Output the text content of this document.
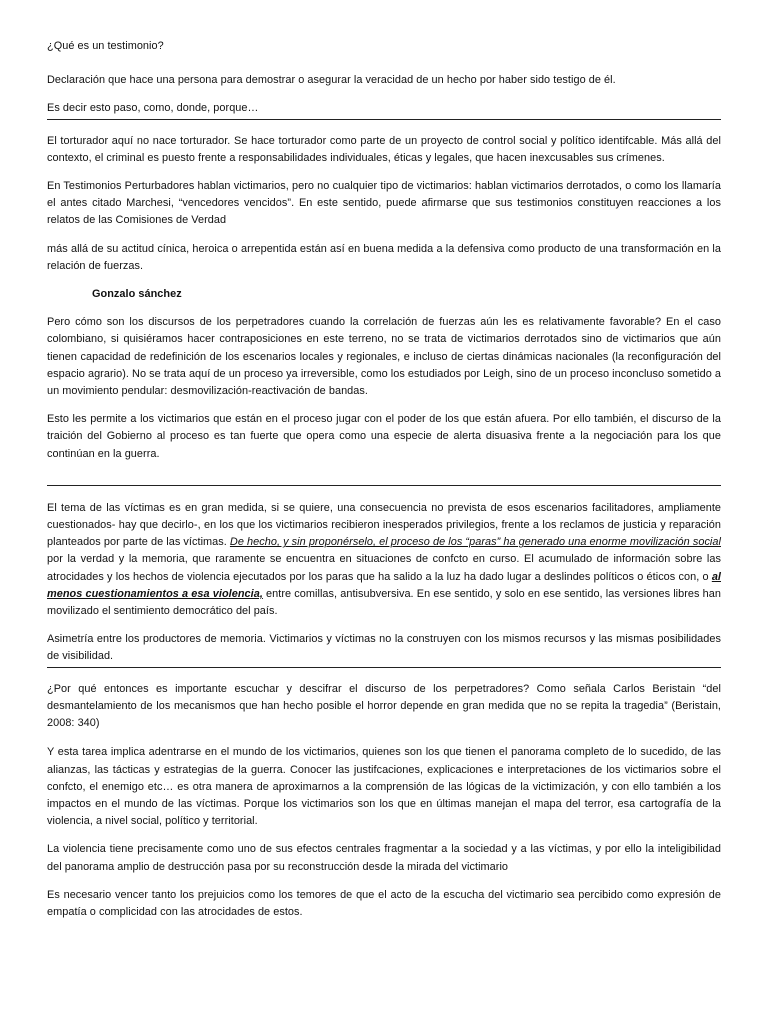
¿Qué es un testimonio?

Declaración que hace una persona para demostrar o asegurar la veracidad de un hecho por haber sido testigo de él.

Es decir esto paso, como, donde, porque…

El torturador aquí no nace torturador. Se hace torturador como parte de un proyecto de control social y político identifcable. Más allá del contexto, el criminal es puesto frente a responsabilidades individuales, éticas y legales, que hacen inexcusables sus crímenes.

En Testimonios Perturbadores hablan victimarios, pero no cualquier tipo de victimarios: hablan victimarios derrotados, o como los llamaría el antes citado Marchesi, “vencedores vencidos”. En este sentido, puede afirmarse que sus testimonios constituyen reacciones a los relatos de las Comisiones de Verdad

más allá de su actitud cínica, heroica o arrepentida están así en buena medida a la defensiva como producto de una transformación en la relación de fuerzas.

Gonzalo sánchez

Pero cómo son los discursos de los perpetradores cuando la correlación de fuerzas aún les es relativamente favorable? En el caso colombiano, si quisiéramos hacer contraposiciones en este terreno, no se trata de victimarios derrotados sino de victimarios que aún tienen capacidad de redefinición de los escenarios locales y regionales, e incluso de ciertas dinámicas nacionales (la reconfiguración del espacio agrario). No se trata aquí de un proceso ya irreversible, como los estudiados por Leigh, sino de un proceso inconcluso sometido a un movimiento pendular: desmovilización-reactivación de bandas.

Esto les permite a los victimarios que están en el proceso jugar con el poder de los que están afuera. Por ello también, el discurso de la traición del Gobierno al proceso es tan fuerte que opera como una especie de alerta disuasiva frente a la negociación para los que continúan en la guerra.

El tema de las víctimas es en gran medida, si se quiere, una consecuencia no prevista de esos escenarios facilitadores, ampliamente cuestionados- hay que decirlo-, en los que los victimarios recibieron inesperados privilegios, frente a los reclamos de justicia y reparación planteados por parte de las víctimas. De hecho, y sin proponérselo, el proceso de los “paras” ha generado una enorme movilización social por la verdad y la memoria, que raramente se encuentra en situaciones de confcto en curso. El acumulado de información sobre las atrocidades y los hechos de violencia ejecutados por los paras que ha salido a la luz ha dado lugar a deslindes políticos o éticos con, o al menos cuestionamientos a esa violencia, entre comillas, antisubversiva. En ese sentido, y solo en ese sentido, las versiones libres han movilizado el sentimiento democrático del país.

Asimetría entre los productores de memoria. Victimarios y víctimas no la construyen con los mismos recursos y las mismas posibilidades de visibilidad.

¿Por qué entonces es importante escuchar y descifrar el discurso de los perpetradores? Como señala Carlos Beristain “del desmantelamiento de los mecanismos que han hecho posible el horror depende en gran medida que no se repita la tragedia” (Beristain, 2008: 340)

Y esta tarea implica adentrarse en el mundo de los victimarios, quienes son los que tienen el panorama completo de lo sucedido, de las alianzas, las tácticas y estrategias de la guerra. Conocer las justifcaciones, explicaciones e interpretaciones de los victimarios sobre el confcto, el enemigo etc… es otra manera de aproximarnos a la comprensión de las lógicas de la victimización, y con ello también a los impactos en el mundo de las víctimas. Porque los victimarios son los que en últimas manejan el mapa del terror, esa cartografía de la violencia, a nivel social, político y territorial.

La violencia tiene precisamente como uno de sus efectos centrales fragmentar a la sociedad y a las víctimas, y por ello la inteligibilidad del panorama amplio de destrucción pasa por su reconstrucción desde la mirada del victimario

Es necesario vencer tanto los prejuicios como los temores de que el acto de la escucha del victimario sea percibido como expresión de empatía o complicidad con las atrocidades de estos.
